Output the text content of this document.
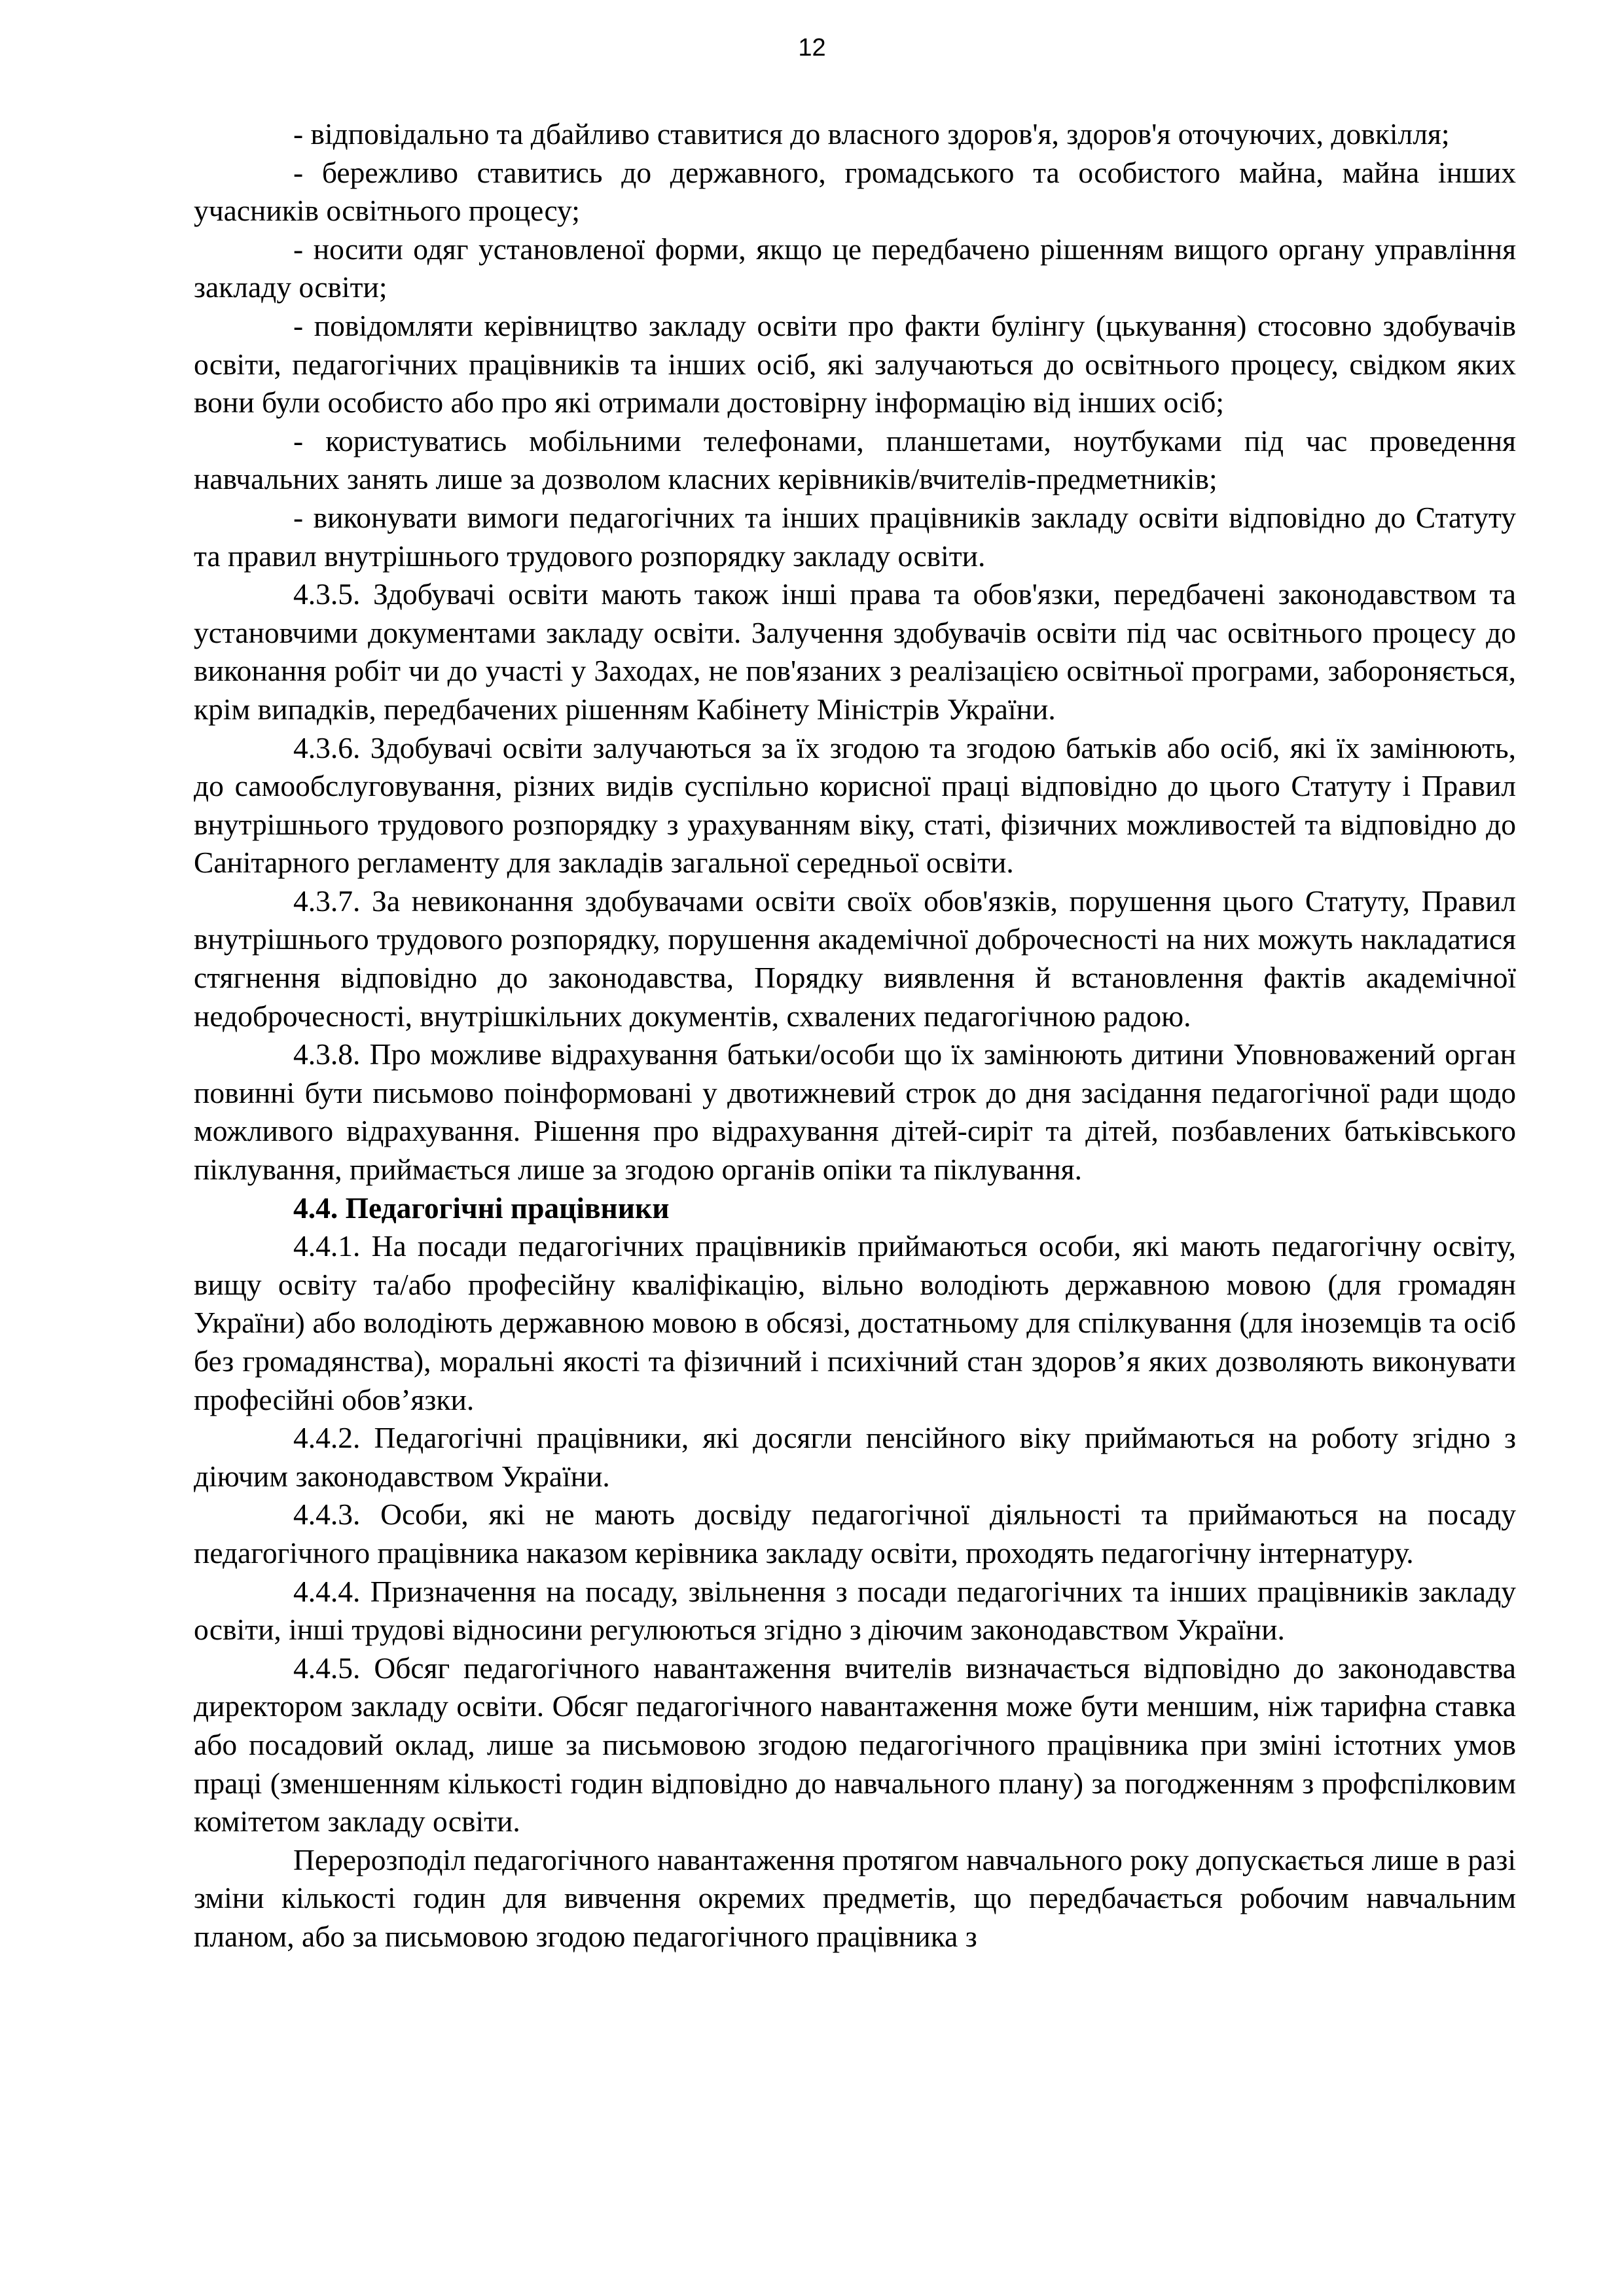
12

- відповідально та дбайливо ставитися до власного здоров'я, здоров'я оточуючих, довкілля;

- бережливо ставитись до державного, громадського та особистого майна, майна інших учасників освітнього процесу;

- носити одяг установленої форми, якщо це передбачено рішенням вищого органу управління закладу освіти;

- повідомляти керівництво закладу освіти про факти булінгу (цькування) стосовно здобувачів освіти, педагогічних працівників та інших осіб, які залучаються до освітнього процесу, свідком яких вони були особисто або про які отримали достовірну інформацію від інших осіб;

- користуватись мобільними телефонами, планшетами, ноутбуками під час проведення навчальних занять лише за дозволом класних керівників/вчителів-предметників;

- виконувати вимоги педагогічних та інших працівників закладу освіти відповідно до Статуту та правил внутрішнього трудового розпорядку закладу освіти.

4.3.5. Здобувачі освіти мають також інші права та обов'язки, передбачені законодавством та установчими документами закладу освіти. Залучення здобувачів освіти під час освітнього процесу до виконання робіт чи до участі у Заходах, не пов'язаних з реалізацією освітньої програми, забороняється, крім випадків, передбачених рішенням Кабінету Міністрів України.

4.3.6. Здобувачі освіти залучаються за їх згодою та згодою батьків або осіб, які їх замінюють, до самообслуговування, різних видів суспільно корисної праці відповідно до цього Статуту і Правил внутрішнього трудового розпорядку з урахуванням віку, статі, фізичних можливостей та відповідно до Санітарного регламенту для закладів загальної середньої освіти.

4.3.7. За невиконання здобувачами освіти своїх обов'язків, порушення цього Статуту, Правил внутрішнього трудового розпорядку, порушення академічної доброчесності на них можуть накладатися стягнення відповідно до законодавства, Порядку виявлення й встановлення фактів академічної недоброчесності, внутрішкільних документів, схвалених педагогічною радою.

4.3.8. Про можливе відрахування батьки/особи що їх замінюють дитини Уповноважений орган повинні бути письмово поінформовані у двотижневий строк до дня засідання педагогічної ради щодо можливого відрахування. Рішення про відрахування дітей-сиріт та дітей, позбавлених батьківського піклування, приймається лише за згодою органів опіки та піклування.

4.4. Педагогічні працівники

4.4.1. На посади педагогічних працівників приймаються особи, які мають педагогічну освіту, вищу освіту та/або професійну кваліфікацію, вільно володіють державною мовою (для громадян України) або володіють державною мовою в обсязі, достатньому для спілкування (для іноземців та осіб без громадянства), моральні якості та фізичний і психічний стан здоров’я яких дозволяють виконувати професійні обов’язки.

4.4.2. Педагогічні працівники, які досягли пенсійного віку приймаються на роботу згідно з діючим законодавством України.

4.4.3. Особи, які не мають досвіду педагогічної діяльності та приймаються на посаду педагогічного працівника наказом керівника закладу освіти, проходять педагогічну інтернатуру.

4.4.4. Призначення на посаду, звільнення з посади педагогічних та інших працівників закладу освіти, інші трудові відносини регулюються згідно з діючим законодавством України.

4.4.5. Обсяг педагогічного навантаження вчителів визначається відповідно до законодавства директором закладу освіти. Обсяг педагогічного навантаження може бути меншим, ніж тарифна ставка або посадовий оклад, лише за письмовою згодою педагогічного працівника при зміні істотних умов праці (зменшенням кількості годин відповідно до навчального плану) за погодженням з профспілковим комітетом закладу освіти.

Перерозподіл педагогічного навантаження протягом навчального року допускається лише в разі зміни кількості годин для вивчення окремих предметів, що передбачається робочим навчальним планом, або за письмовою згодою педагогічного працівника з
